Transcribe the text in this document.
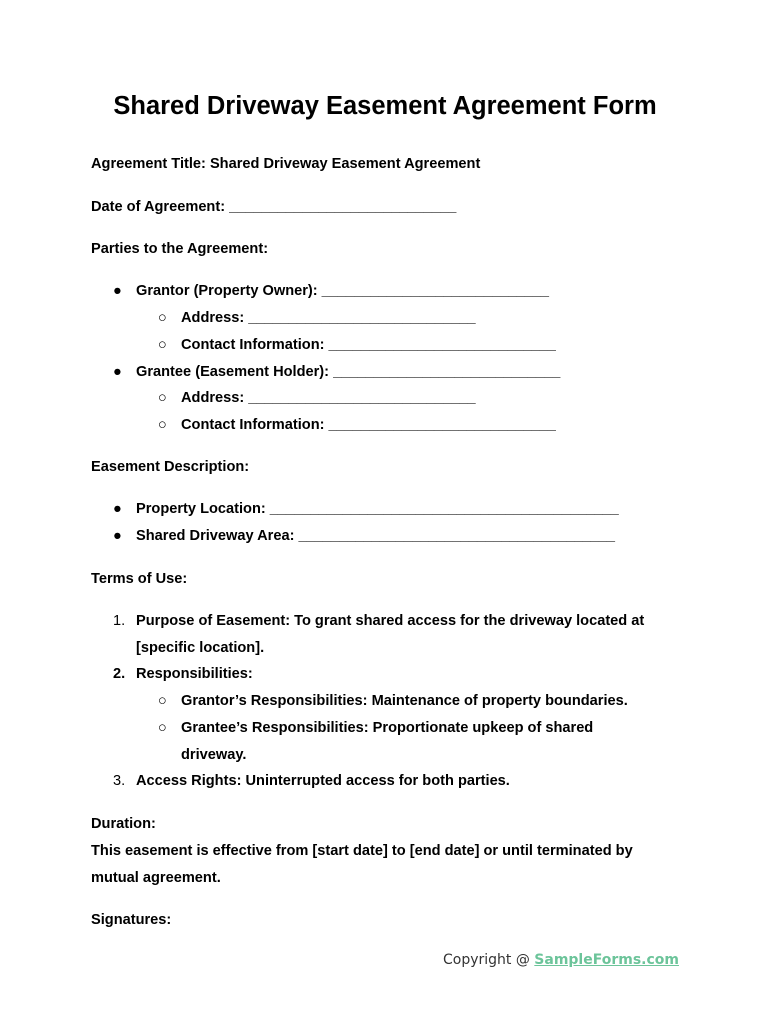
Shared Driveway Easement Agreement Form
Agreement Title: Shared Driveway Easement Agreement
Date of Agreement: ____________________________
Parties to the Agreement:
● Grantor (Property Owner): ____________________________
○ Address: ____________________________
○ Contact Information: ____________________________
● Grantee (Easement Holder): ____________________________
○ Address: ____________________________
○ Contact Information: ____________________________
Easement Description:
● Property Location: ___________________________________________
● Shared Driveway Area: _______________________________________
Terms of Use:
1. Purpose of Easement: To grant shared access for the driveway located at
[specific location].
2. Responsibilities:
○ Grantor’s Responsibilities: Maintenance of property boundaries.
○ Grantee’s Responsibilities: Proportionate upkeep of shared
driveway.
3. Access Rights: Uninterrupted access for both parties.
Duration:
This easement is effective from [start date] to [end date] or until terminated by
mutual agreement.
Signatures:
Copyright @ SampleForms.com
